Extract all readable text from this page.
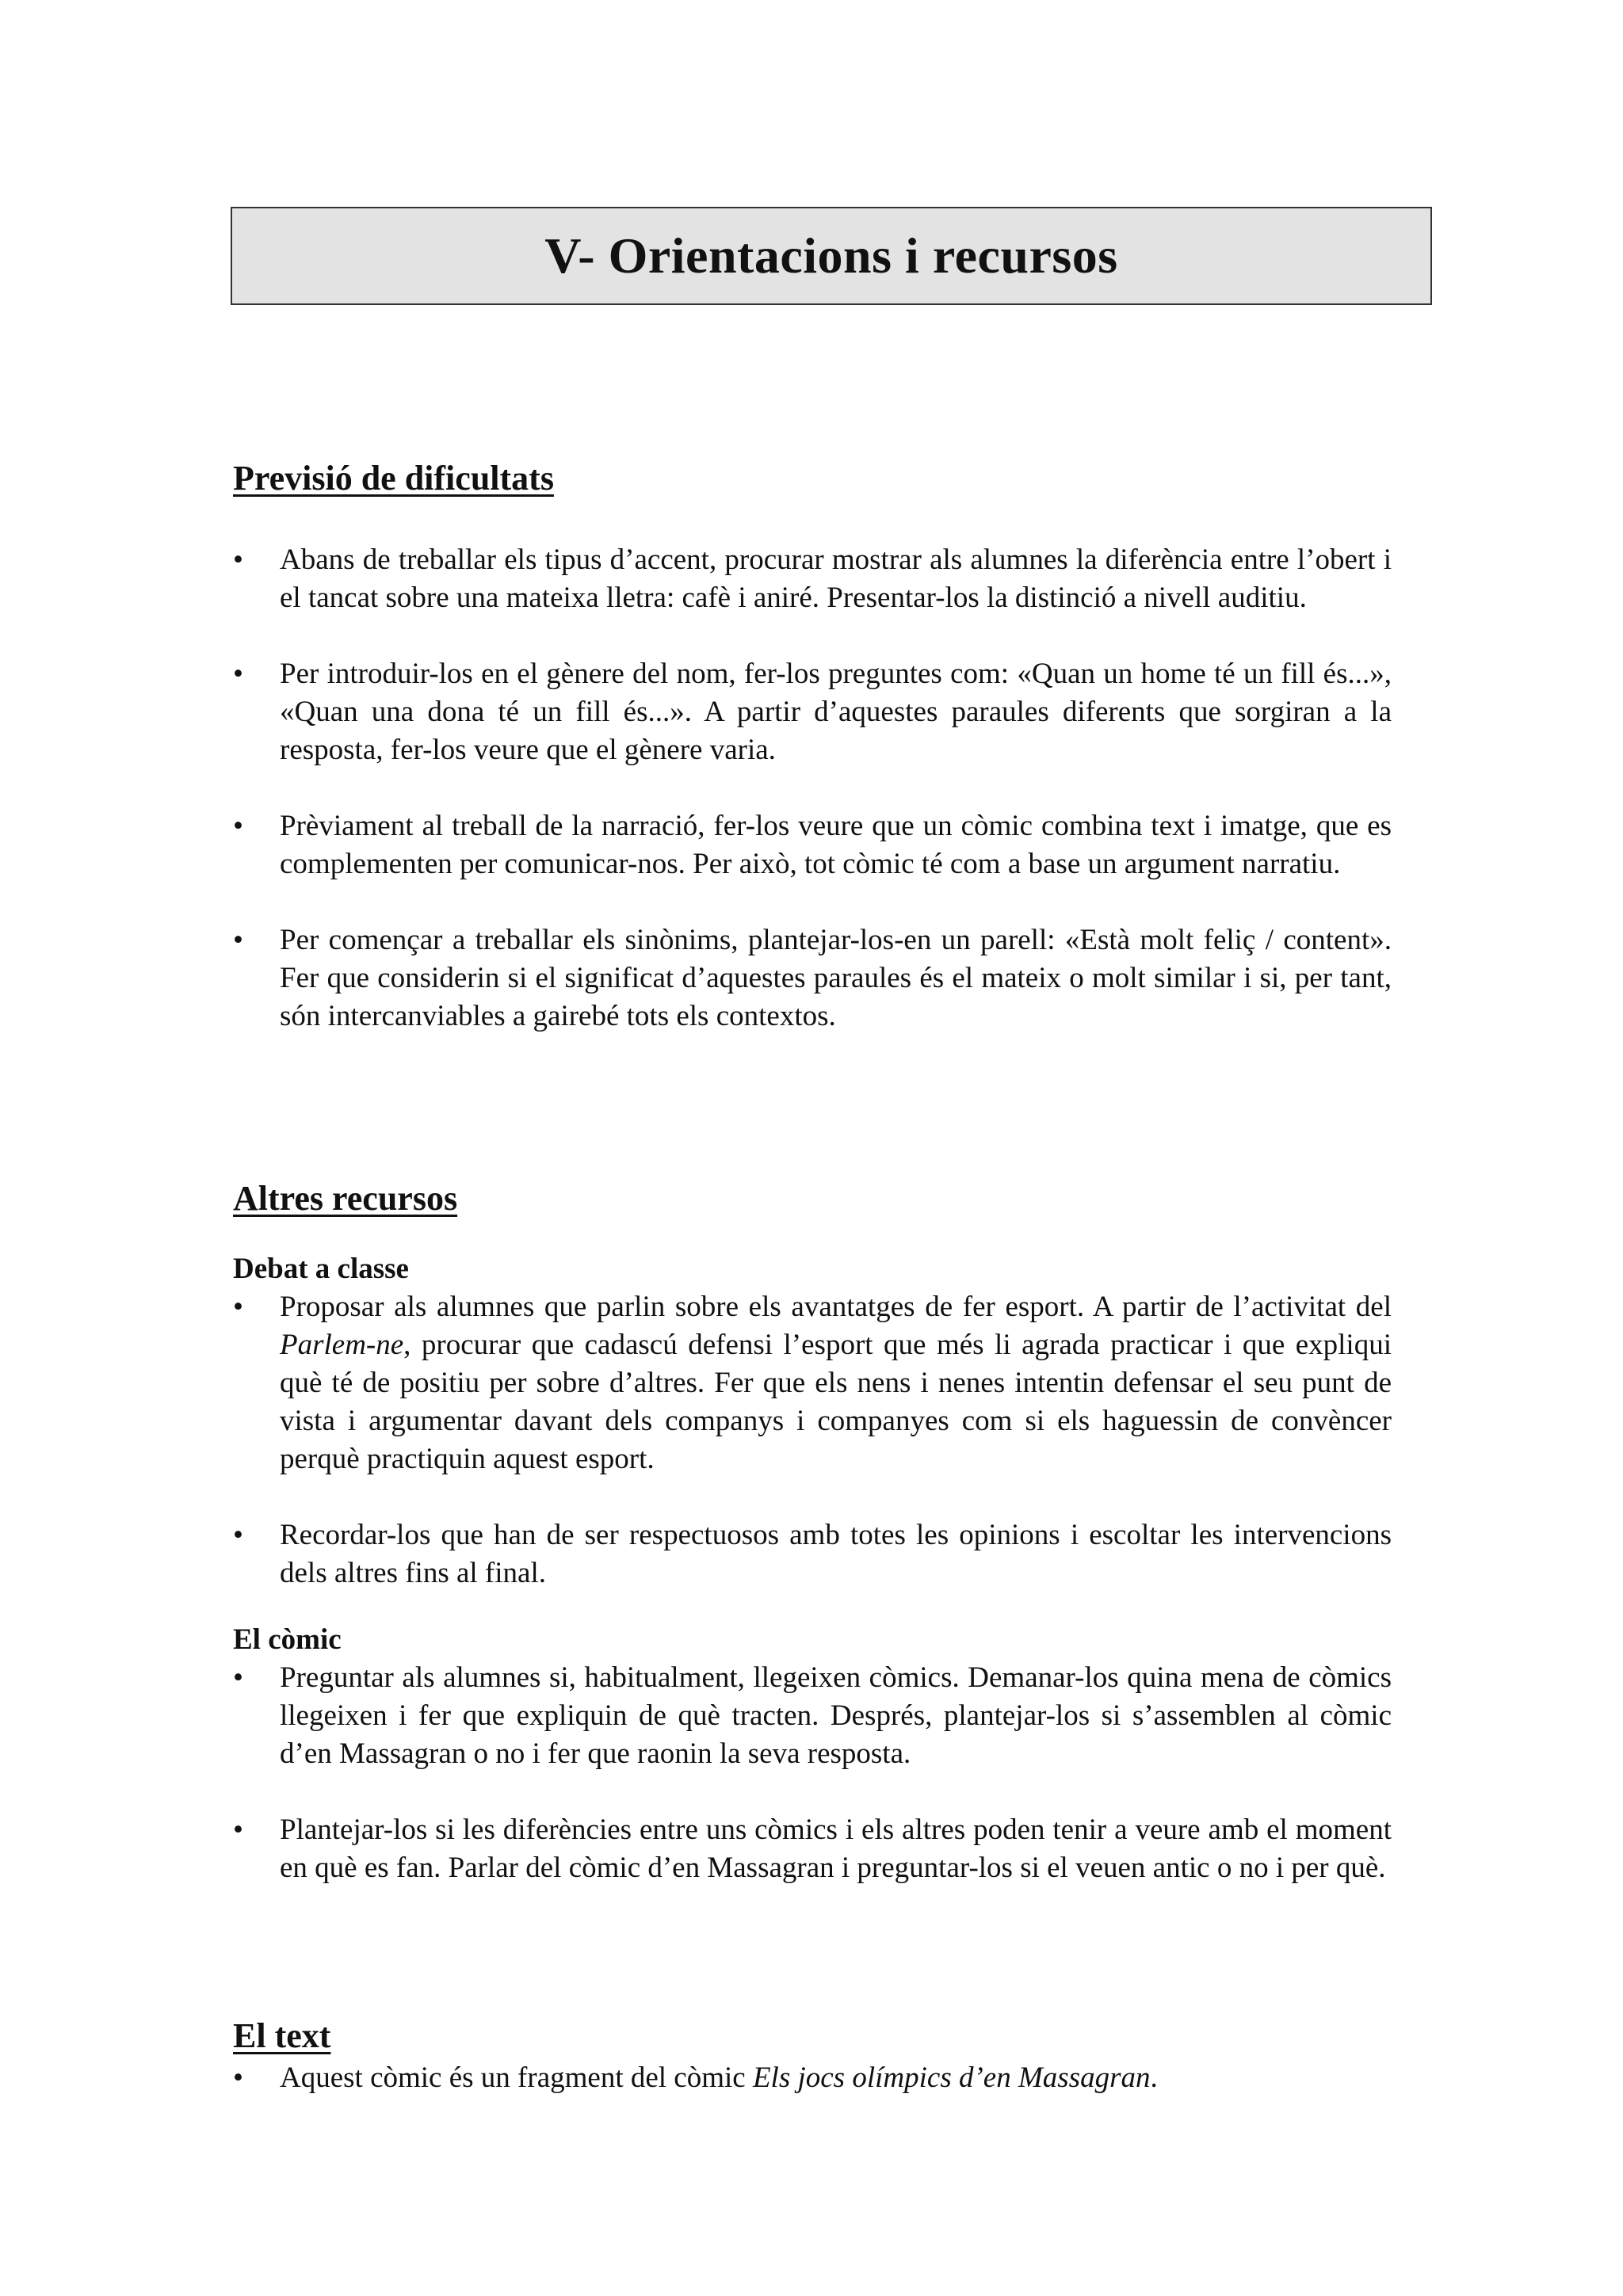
V- Orientacions i recursos
Previsió de dificultats
•	Abans de treballar els tipus d’accent, procurar mostrar als alumnes la diferència entre l’obert i el tancat sobre una mateixa lletra: cafè i aniré. Presentar-los la distinció a nivell auditiu.
•	Per introduir-los en el gènere del nom, fer-los preguntes com: «Quan un home té un fill és...», «Quan una dona té un fill és...». A partir d’aquestes paraules diferents que sorgiran a la resposta, fer-los veure que el gènere varia.
•	Prèviament al treball de la narració, fer-los veure que un còmic combina text i imatge, que es complementen per comunicar-nos. Per això, tot còmic té com a base un argument narratiu.
•	Per començar a treballar els sinònims, plantejar-los-en un parell: «Està molt feliç / content». Fer que considerin si el significat d’aquestes paraules és el mateix o molt similar i si, per tant, són intercanviables a gairebé tots els contextos.
Altres recursos
Debat a classe
•	Proposar als alumnes que parlin sobre els avantatges de fer esport. A partir de l’activitat del Parlem-ne, procurar que cadascú defensi l’esport que més li agrada practicar i que expliqui què té de positiu per sobre d’altres. Fer que els nens i nenes intentin defensar el seu punt de vista i argumentar davant dels companys i companyes com si els haguessin de convèncer perquè practiquin aquest esport.
•	Recordar-los que han de ser respectuosos amb totes les opinions i escoltar les intervencions dels altres fins al final.
El còmic
•	Preguntar als alumnes si, habitualment, llegeixen còmics. Demanar-los quina mena de còmics llegeixen i fer que expliquin de què tracten. Després, plantejar-los si s’assemblen al còmic d’en Massagran o no i fer que raonin la seva resposta.
•	Plantejar-los si les diferències entre uns còmics i els altres poden tenir a veure amb el moment en què es fan. Parlar del còmic d’en Massagran i preguntar-los si el veuen antic o no i per què.
El text
•	Aquest còmic és un fragment del còmic Els jocs olímpics d’en Massagran.
